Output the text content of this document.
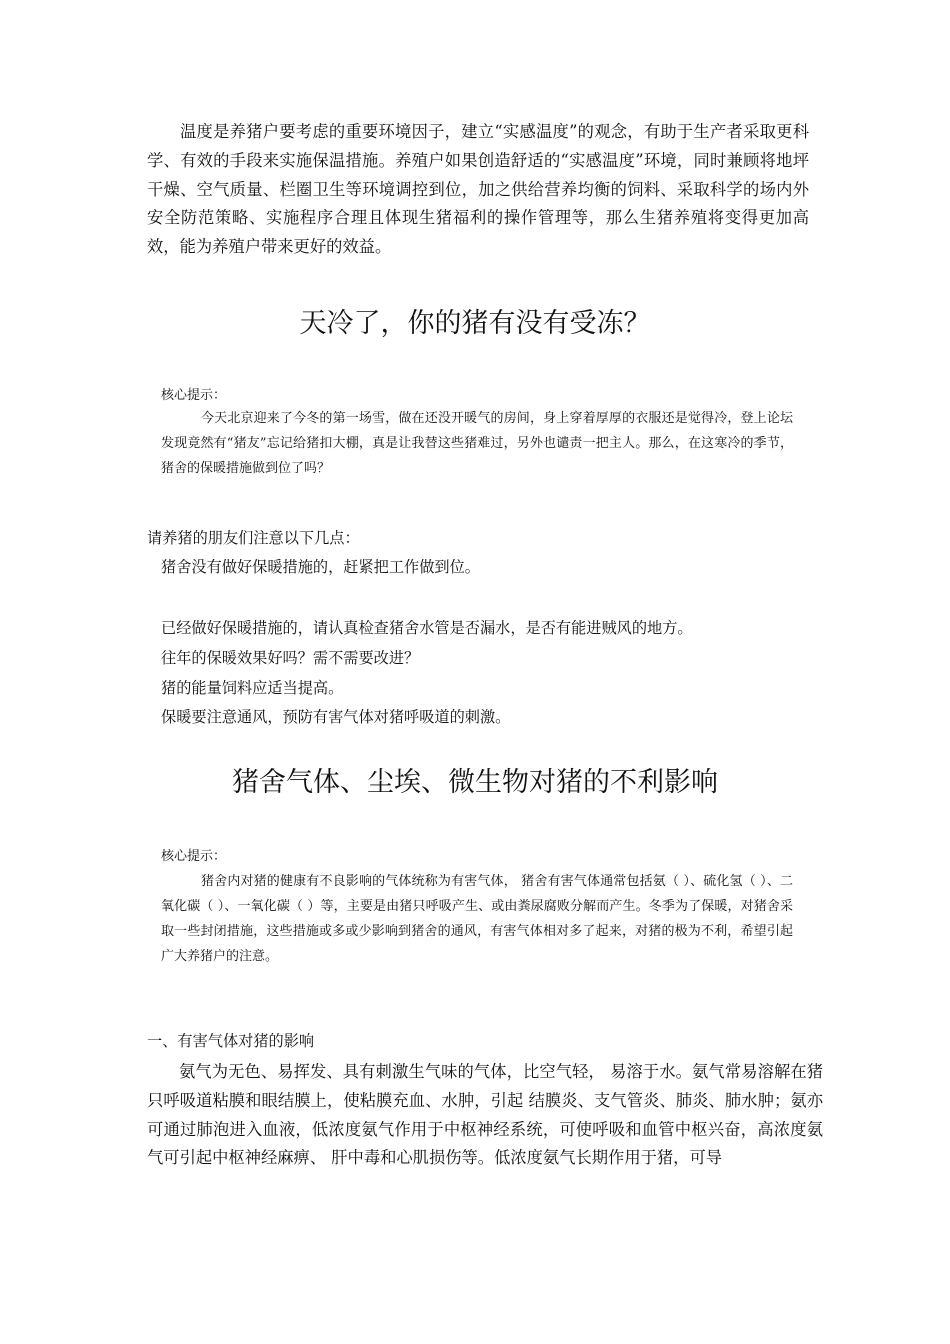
温度是养猪户要考虑的重要环境因子，建立“实感温度”的观念，有助于生产者采取更科学、有效的手段来实施保温措施。养殖户如果创造舒适的“实感温度”环境，同时兼顾将地坪干燥、空气质量、栏圈卫生等环境调控到位，加之供给营养均衡的饲料、采取科学的场内外安全防范策略、实施程序合理且体现生猪福利的操作管理等，那么生猪养殖将变得更加高效，能为养殖户带来更好的效益。

天冷了，你的猪有没有受冻？

核心提示：

今天北京迎来了今冬的第一场雪，做在还没开暖气的房间，身上穿着厚厚的衣服还是觉得冷，登上论坛发现竟然有“猪友”忘记给猪扣大棚，真是让我替这些猪难过，另外也谴责一把主人。那么，在这寒冷的季节，猪舍的保暖措施做到位了吗？

请养猪的朋友们注意以下几点：

猪舍没有做好保暖措施的，赶紧把工作做到位。

已经做好保暖措施的，请认真检查猪舍水管是否漏水，是否有能进贼风的地方。

往年的保暖效果好吗？需不需要改进？

猪的能量饲料应适当提高。

保暖要注意通风，预防有害气体对猪呼吸道的刺激。

猪舍气体、尘埃、微生物对猪的不利影响

核心提示：

猪舍内对猪的健康有不良影响的气体统称为有害气体， 猪舍有害气体通常包括氨（ ）、硫化氢（ ）、二氧化碳（ ）、一氧化碳（ ）等，主要是由猪只呼吸产生、或由粪尿腐败分解而产生。冬季为了保暖，对猪舍采取一些封闭措施，这些措施或多或少影响到猪舍的通风，有害气体相对多了起来，对猪的极为不利，希望引起广大养猪户的注意。

一、有害气体对猪的影响

氨气为无色、易挥发、具有刺激生气味的气体，比空气轻， 易溶于水。氨气常易溶解在猪只呼吸道粘膜和眼结膜上，使粘膜充血、水肿，引起 结膜炎、支气管炎、肺炎、肺水肿；氨亦可通过肺泡进入血液，低浓度氨气作用于中枢神经系统，可使呼吸和血管中枢兴奋，高浓度氨气可引起中枢神经麻痹、 肝中毒和心肌损伤等。低浓度氨气长期作用于猪，可导
